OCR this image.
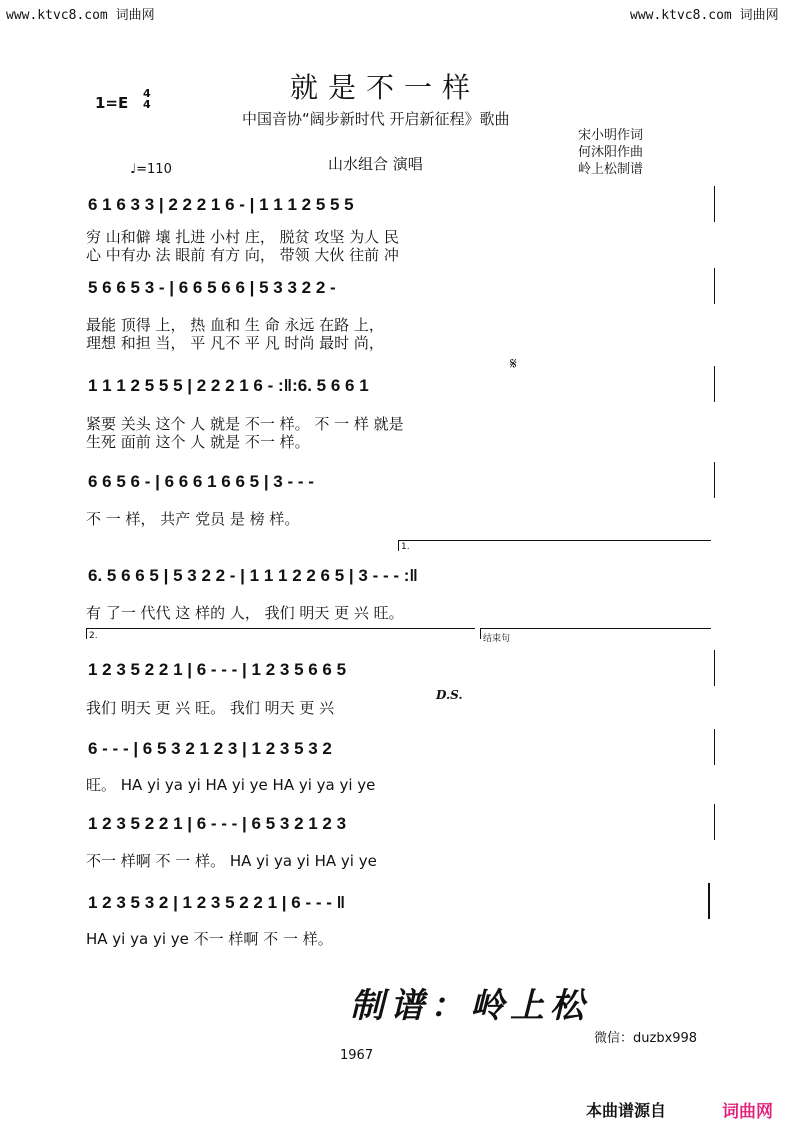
www.ktvc8.com 词曲网	www.ktvc8.com 词曲网
就是不一样
1=E
4
4
中国音协“阔步新时代 开启新征程》歌曲
宋小明作词
何沐阳作曲
岭上松制谱
山水组合 演唱
♩=110
6 1 6 3 3 | 2 2 2 1 6 - | 1 1 1 2 5 5 5
穷 山和僻 壤 扎进 小村 庄， 脱贫 攻坚 为人 民
心 中有办 法 眼前 有方 向， 带领 大伙 往前 冲
5 6 6 5 3 - | 6 6 5 6 6 | 5 3 3 2 2 -
最能 顶得 上， 热 血和 生 命 永远 在路 上，
理想 和担 当， 平 凡不 平 凡 时尚 最时 尚，
𝄋
1 1 1 2 5 5 5 | 2 2 2 1 6 - :‖:6. 5 6 6 1
紧要 关头 这个 人 就是 不一 样。 不 一 样 就是
生死 面前 这个 人 就是 不一 样。
6 6 5 6 - | 6 6 6 1 6 6 5 | 3 - - -
不 一 样， 共产 党员 是 榜 样。
1.
6. 5 6 6 5 | 5 3 2 2 - | 1 1 1 2 2 6 5 | 3 - - - :‖
有 了一 代代 这 样的 人， 我们 明天 更 兴 旺。
2.	结束句
1 2 3 5 2 2 1 | 6 - - - | 1 2 3 5 6 6 5
D.S.
我们 明天 更 兴 旺。 我们 明天 更 兴
6 - - - | 6 5 3 2 1 2 3 | 1 2 3 5 3 2
旺。 HA yi ya yi HA yi ye HA yi ya yi ye
1 2 3 5 2 2 1 | 6 - - - | 6 5 3 2 1 2 3
不一 样啊 不 一 样。 HA yi ya yi HA yi ye
1 2 3 5 3 2 | 1 2 3 5 2 2 1 | 6 - - - ‖
HA yi ya yi ye 不一 样啊 不 一 样。
制谱：岭上松
微信：duzbx998
1967
本曲谱源自	词曲网
